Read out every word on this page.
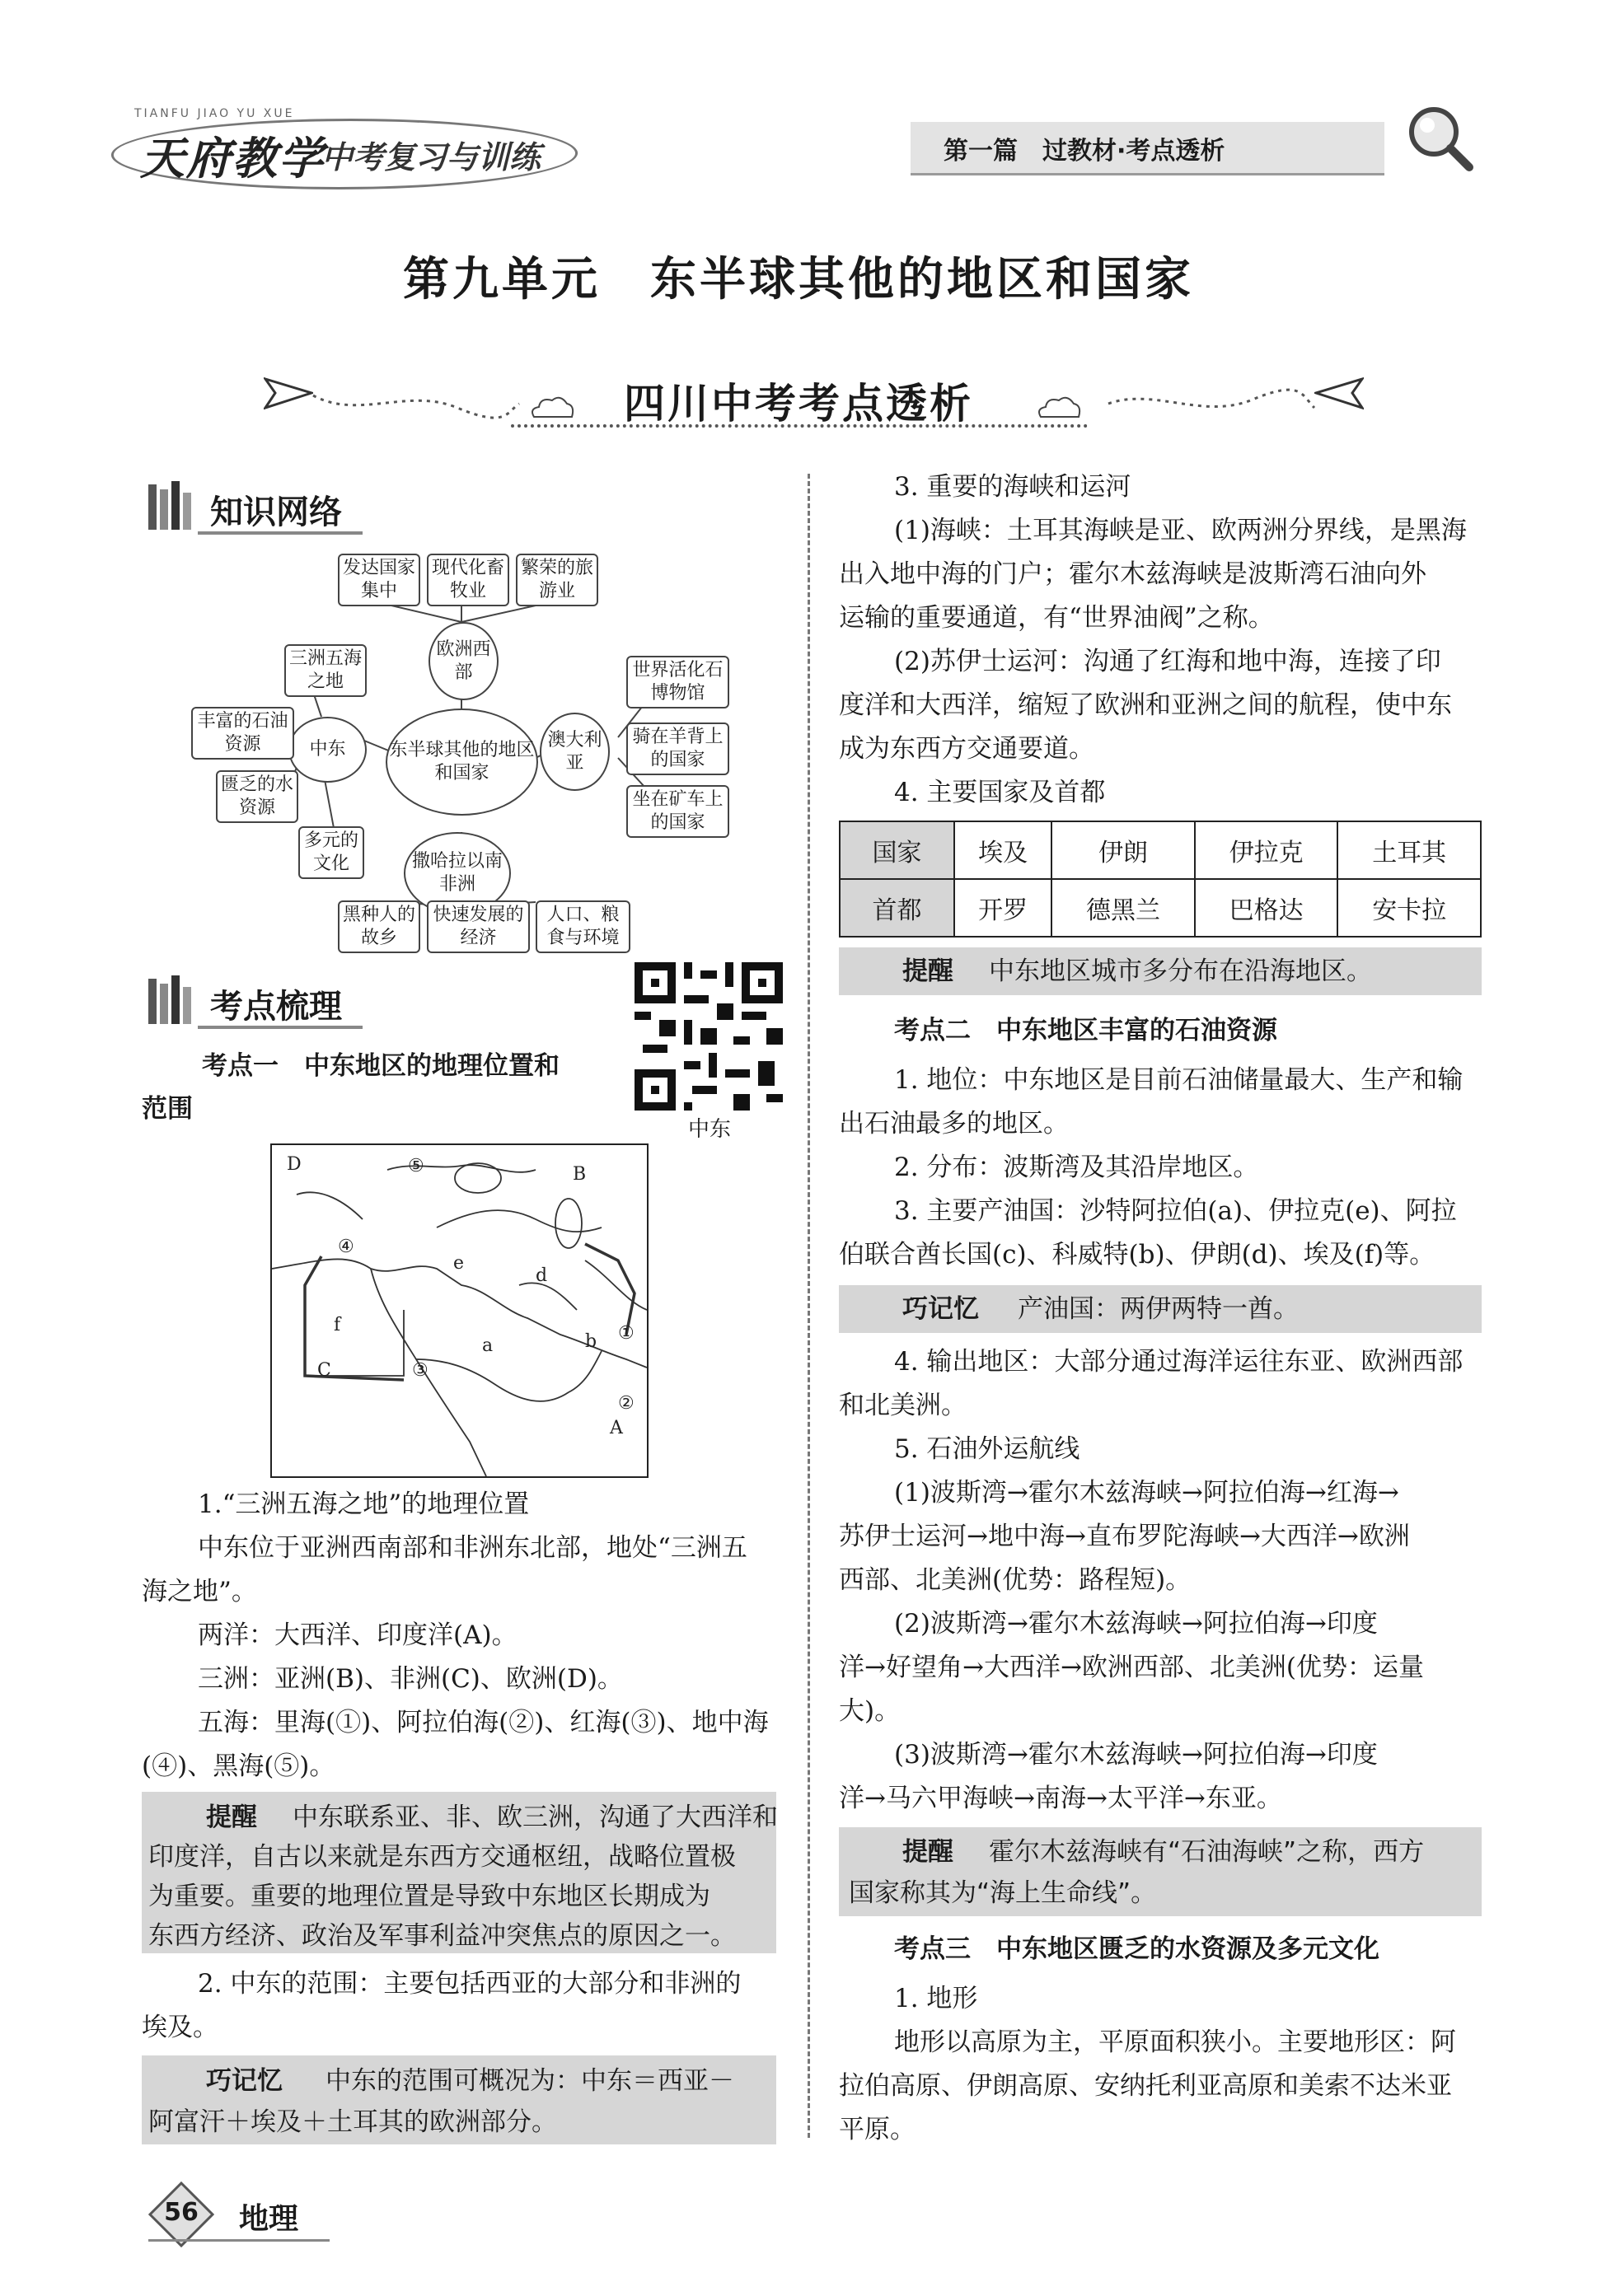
TIANFU JIAO YU XUE
天府教学
中考复习与训练	第一篇　过教材·考点透析
第九单元　东半球其他的地区和国家
四川中考考点透析
知识网络
东半球其他的地区和国家
欧洲西部
中东	澳大利亚
撒哈拉以南非洲
发达国家集中
现代化畜牧业
繁荣的旅游业
三洲五海之地
丰富的石油资源
匮乏的水资源
多元的文化
世界活化石博物馆
骑在羊背上的国家
坐在矿车上的国家
黑种人的故乡
快速发展的经济
人口、粮食与环境
考点梳理
中东
考点一　中东地区的地理位置和
范围
D	⑤	B
④
e
d
f
a	b
C	③
②
A
①
1.“三洲五海之地”的地理位置
中东位于亚洲西南部和非洲东北部，地处“三洲五
海之地”。
两洋：大西洋、印度洋(A)。
三洲：亚洲(B)、非洲(C)、欧洲(D)。
五海：里海(①)、阿拉伯海(②)、红海(③)、地中海
(④)、黑海(⑤)。
提醒 中东联系亚、非、欧三洲，沟通了大西洋和
印度洋，自古以来就是东西方交通枢纽，战略位置极
为重要。重要的地理位置是导致中东地区长期成为
东西方经济、政治及军事利益冲突焦点的原因之一。
2. 中东的范围：主要包括西亚的大部分和非洲的
埃及。
巧记忆 中东的范围可概况为：中东＝西亚－
阿富汗＋埃及＋土耳其的欧洲部分。
3. 重要的海峡和运河
(1)海峡：土耳其海峡是亚、欧两洲分界线，是黑海
出入地中海的门户；霍尔木兹海峡是波斯湾石油向外
运输的重要通道，有“世界油阀”之称。
(2)苏伊士运河：沟通了红海和地中海，连接了印
度洋和大西洋，缩短了欧洲和亚洲之间的航程，使中东
成为东西方交通要道。
4. 主要国家及首都
国家	埃及	伊朗	伊拉克	土耳其
首都	开罗	德黑兰	巴格达	安卡拉
提醒 中东地区城市多分布在沿海地区。
考点二　中东地区丰富的石油资源
1. 地位：中东地区是目前石油储量最大、生产和输
出石油最多的地区。
2. 分布：波斯湾及其沿岸地区。
3. 主要产油国：沙特阿拉伯(a)、伊拉克(e)、阿拉
伯联合酋长国(c)、科威特(b)、伊朗(d)、埃及(f)等。
巧记忆 产油国：两伊两特一酋。
4. 输出地区：大部分通过海洋运往东亚、欧洲西部
和北美洲。
5. 石油外运航线
(1)波斯湾→霍尔木兹海峡→阿拉伯海→红海→
苏伊士运河→地中海→直布罗陀海峡→大西洋→欧洲
西部、北美洲(优势：路程短)。
(2)波斯湾→霍尔木兹海峡→阿拉伯海→印度
洋→好望角→大西洋→欧洲西部、北美洲(优势：运量
大)。
(3)波斯湾→霍尔木兹海峡→阿拉伯海→印度
洋→马六甲海峡→南海→太平洋→东亚。
提醒 霍尔木兹海峡有“石油海峡”之称，西方
国家称其为“海上生命线”。
考点三　中东地区匮乏的水资源及多元文化
1. 地形
地形以高原为主，平原面积狭小。主要地形区：阿
拉伯高原、伊朗高原、安纳托利亚高原和美索不达米亚
平原。
56	地理
